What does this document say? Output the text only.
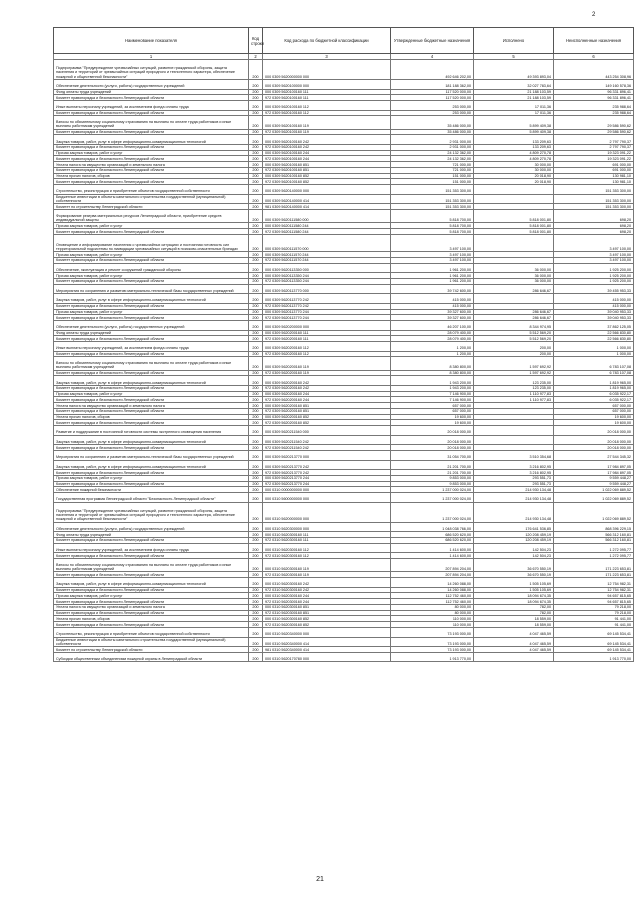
2
Наименование показателя	Код строки	Код расхода по бюджетной классификации	Утвержденные бюджетные назначения	Исполнено	Неисполненные назначения
1	2	3	4	5	6
Подпрограмма "Предупреждение чрезвычайных ситуаций, развитие гражданской обороны, защита населения и территорий от чрезвычайных ситуаций природного и техногенного характера, обеспечение пожарной и общественной безопасности"	200	000 0309 5620000000 000	492 646 202,00	49 393 893,04	443 254 308,96
Обеспечение деятельности (услуги, работы) государственных учреждений	200	000 0309 5620100000 000	181 188 362,00	32 027 783,64	149 160 578,36
Фонд оплаты труда учреждений	200	000 0309 5620100160 111	117 520 000,00	21 188 103,59	96 331 896,41
Комитет правопорядка и безопасности Ленинградской области	200	972 0309 5620100160 111	117 520 000,00	21 188 103,59	96 331 896,41
Иные выплаты персоналу учреждений, за исключением фонда оплаты труда	200	000 0309 5620100160 112	253 000,00	17 011,36	235 988,64
Комитет правопорядка и безопасности Ленинградской области	200	972 0309 5620100160 112	253 000,00	17 011,36	235 988,64
Взносы по обязательному социальному страхованию на выплаты по оплате труда работников и иные выплаты работникам учреждений	200	000 0309 5620100160 119	35 486 000,00	5 899 409,38	29 586 590,62
Комитет правопорядка и безопасности Ленинградской области	200	972 0309 5620100160 119	35 486 000,00	5 899 409,38	29 586 590,62
Закупка товаров, работ, услуг в сфере информационно-коммуникационных технологий	200	000 0309 5620100160 242	2 931 000,00	133 209,63	2 797 790,37
Комитет правопорядка и безопасности Ленинградской области	200	972 0309 5620100160 242	2 931 000,00	133 209,63	2 797 790,37
Прочая закупка товаров, работ и услуг	200	000 0309 5620100160 244	24 132 362,00	4 809 270,78	19 323 091,22
Комитет правопорядка и безопасности Ленинградской области	200	972 0309 5620100160 244	24 132 362,00	4 809 270,78	19 323 091,22
Уплата налога на имущество организаций и земельного налога	200	000 0309 5620100160 851	721 000,00	30 000,00	691 000,00
Комитет правопорядка и безопасности Ленинградской области	200	972 0309 5620100160 851	721 000,00	30 000,00	691 000,00
Уплата прочих налогов, сборов	200	000 0309 5620100160 852	151 000,00	20 018,90	130 981,10
Комитет правопорядка и безопасности Ленинградской области	200	972 0309 5620100160 852	151 000,00	20 018,90	130 981,10
Строительство, реконструкция и приобретение объектов государственной собственности	200	000 0309 5620140000 000	151 353 300,00		151 353 300,00
Бюджетные инвестиции в объекты капитального строительства государственной (муниципальной) собственности	200	000 0309 5620140000 414	151 353 300,00		151 353 300,00
Комитет по строительству Ленинградской области	200	981 0309 5620140000 414	151 353 300,00		151 353 300,00
Формирование резерва материальных ресурсов Ленинградской области, приобретение средств индивидуальной защиты	200	000 0309 5620111580 000	5 818 700,00	5 818 001,80	698,20
Прочая закупка товаров, работ и услуг	200	000 0309 5620111580 244	5 818 700,00	5 818 001,80	698,20
Комитет правопорядка и безопасности Ленинградской области	200	972 0309 5620111580 244	5 818 700,00	5 818 001,80	698,20
Оповещение и информирование населения о чрезвычайных ситуациях и постоянная готовность сил территориальной подсистемы по ликвидации чрезвычайных ситуаций в поисково-спасательных бригадах	200	000 0309 5620111570 000	3 497 100,00		3 497 100,00
Прочая закупка товаров, работ и услуг	200	000 0309 5620111570 244	3 497 100,00		3 497 100,00
Комитет правопорядка и безопасности Ленинградской области	200	972 0309 5620111570 244	3 497 100,00		3 497 100,00
Обеспечение, эксплуатация и ремонт сооружений гражданской обороны	200	000 0309 5620113350 000	1 961 200,00	36 000,00	1 925 200,00
Прочая закупка товаров, работ и услуг	200	000 0309 5620113350 244	1 961 200,00	36 000,00	1 925 200,00
Комитет правопорядка и безопасности Ленинградской области	200	972 0309 5620113350 244	1 961 200,00	36 000,00	1 925 200,00
Мероприятия по сохранению и развитию материально-технической базы государственных учреждений	200	000 0309 5620113770 000	39 742 600,00	286 646,67	39 455 953,33
Закупка товаров, работ, услуг в сфере информационно-коммуникационных технологий	200	000 0309 5620113770 242	415 000,00		415 000,00
Комитет правопорядка и безопасности Ленинградской области	200	972 0309 5620113770 242	415 000,00		415 000,00
Прочая закупка товаров, работ и услуг	200	000 0309 5620113770 244	39 327 600,00	286 646,67	39 040 953,33
Комитет правопорядка и безопасности Ленинградской области	200	972 0309 5620113770 244	39 327 600,00	286 646,67	39 040 953,33
Обеспечение деятельности (услуги, работы) государственных учреждений	200	000 0309 5620200000 000	46 207 100,00	8 344 974,95	37 862 125,05
Фонд оплаты труда учреждений	200	000 0309 5620200160 111	28 079 400,00	5 512 569,20	22 566 830,80
Комитет правопорядка и безопасности Ленинградской области	200	972 0309 5620200160 111	28 079 400,00	5 512 569,20	22 566 830,80
Иные выплаты персоналу учреждений, за исключением фонда оплаты труда	200	000 0309 5620200160 112	1 200,00	200,00	1 000,00
Комитет правопорядка и безопасности Ленинградской области	200	972 0309 5620200160 112	1 200,00	200,00	1 000,00
Взносы по обязательному социальному страхованию на выплаты по оплате труда работников и иные выплаты работникам учреждений	200	000 0309 5620200160 119	8 380 800,00	1 597 692,92	6 783 107,08
Комитет правопорядка и безопасности Ленинградской области	200	972 0309 5620200160 119	8 380 800,00	1 597 692,92	6 783 107,08
Закупка товаров, работ, услуг в сфере информационно-коммуникационных технологий	200	000 0309 5620200160 242	1 943 200,00	123 235,00	1 819 965,00
Комитет правопорядка и безопасности Ленинградской области	200	972 0309 5620200160 242	1 943 200,00	123 235,00	1 819 965,00
Прочая закупка товаров, работ и услуг	200	000 0309 5620200160 244	7 146 900,00	1 110 977,83	6 035 922,17
Комитет правопорядка и безопасности Ленинградской области	200	972 0309 5620200160 244	7 146 900,00	1 110 977,83	6 035 922,17
Уплата налога на имущество организаций и земельного налога	200	000 0309 5620200160 851	657 000,00		657 000,00
Комитет правопорядка и безопасности Ленинградской области	200	972 0309 5620200160 851	657 000,00		657 000,00
Уплата прочих налогов, сборов	200	000 0309 5620200160 852	19 600,00		19 600,00
Комитет правопорядка и безопасности Ленинградской области	200	972 0309 5620200160 852	19 600,00		19 600,00
Развитие и поддержание в постоянной готовности системы экстренного оповещения населения	200	000 0309 5620211540 000	20 018 000,00		20 018 000,00
Закупка товаров, работ, услуг в сфере информационно-коммуникационных технологий	200	000 0309 5620211540 242	20 018 000,00		20 018 000,00
Комитет правопорядка и безопасности Ленинградской области	200	972 0309 5620211540 242	20 018 000,00		20 018 000,00
Мероприятия по сохранению и развитию материально-технической базы государственных учреждений	200	000 0309 5620213770 000	31 054 700,00	3 510 354,68	27 544 345,32
Закупка товаров, работ, услуг в сфере информационно-коммуникационных технологий	200	000 0309 5620213770 242	21 201 700,00	3 216 802,95	17 984 897,05
Комитет правопорядка и безопасности Ленинградской области	200	972 0309 5620213770 242	21 201 700,00	3 216 802,95	17 984 897,05
Прочая закупка товаров, работ и услуг	200	000 0309 5620213770 244	9 853 000,00	293 551,73	9 559 448,27
Комитет правопорядка и безопасности Ленинградской области	200	972 0309 5620213770 244	9 853 000,00	293 551,73	9 559 448,27
Обеспечение пожарной безопасности	200	000 0310 0000000000 000	1 237 000 024,00	214 930 134,48	1 022 069 889,52
Государственная программа Ленинградской области "Безопасность Ленинградской области"	200	000 0310 5600000000 000	1 237 000 024,00	214 930 134,48	1 022 069 889,52
Подпрограмма "Предупреждение чрезвычайных ситуаций, развитие гражданской обороны, защита населения и территорий от чрезвычайных ситуаций природного и техногенного характера, обеспечение пожарной и общественной безопасности"	200	000 0310 5620000000 000	1 237 000 024,00	214 930 134,48	1 022 069 889,52
Обеспечение деятельности (услуги, работы) государственных учреждений	200	000 0310 5620300000 000	1 048 038 766,00	176 641 536,85	868 396 229,15
Фонд оплаты труда учреждений	200	000 0310 5620300160 111	686 520 620,00	120 208 459,19	566 312 160,81
Комитет правопорядка и безопасности Ленинградской области	200	972 0310 5620300160 111	686 520 620,00	120 208 459,19	566 312 160,81
Иные выплаты персоналу учреждений, за исключением фонда оплаты труда	200	000 0310 5620300160 112	1 414 600,00	142 504,23	1 272 095,77
Комитет правопорядка и безопасности Ленинградской области	200	972 0310 5620300160 112	1 414 600,00	142 504,23	1 272 095,77
Взносы по обязательному социальному страхованию на выплаты по оплате труда работников и иные выплаты работникам учреждений	200	000 0310 5620300160 119	207 894 204,00	36 670 550,19	171 223 653,81
Комитет правопорядка и безопасности Ленинградской области	200	972 0310 5620300160 119	207 894 204,00	36 670 550,19	171 223 653,81
Закупка товаров, работ, услуг в сфере информационно-коммуникационных технологий	200	000 0310 5620300160 242	14 260 088,00	1 505 105,69	12 754 982,31
Комитет правопорядка и безопасности Ленинградской области	200	972 0310 5620300160 242	14 260 088,00	1 505 105,69	12 754 982,31
Прочая закупка товаров, работ и услуг	200	000 0310 5620300160 244	112 752 460,00	18 094 674,35	94 657 815,65
Комитет правопорядка и безопасности Ленинградской области	200	972 0310 5620300160 244	112 752 460,00	18 094 674,35	94 657 815,65
Уплата налога на имущество организаций и земельного налога	200	000 0310 5620300160 851	80 000,00	782,00	79 218,00
Комитет правопорядка и безопасности Ленинградской области	200	972 0310 5620300160 851	80 000,00	782,00	79 218,00
Уплата прочих налогов, сборов	200	000 0310 5620300160 852	110 000,00	18 559,00	91 441,00
Комитет правопорядка и безопасности Ленинградской области	200	972 0310 5620300160 852	110 000,00	18 559,00	91 441,00
Строительство, реконструкция и приобретение объектов государственной собственности	200	000 0310 5620340000 000	73 193 000,00	4 047 465,59	69 145 534,41
Бюджетные инвестиции в объекты капитального строительства государственной (муниципальной) собственности	200	000 0310 5620340000 414	73 193 000,00	4 047 465,59	69 145 534,41
Комитет по строительству Ленинградской области	200	981 0310 5620340000 414	73 193 000,00	4 047 465,59	69 145 534,41
Субсидии общественным объединениям пожарной охраны в Ленинградской области	200	000 0310 5620170780 000	1 913 770,00		1 913 770,00
21
